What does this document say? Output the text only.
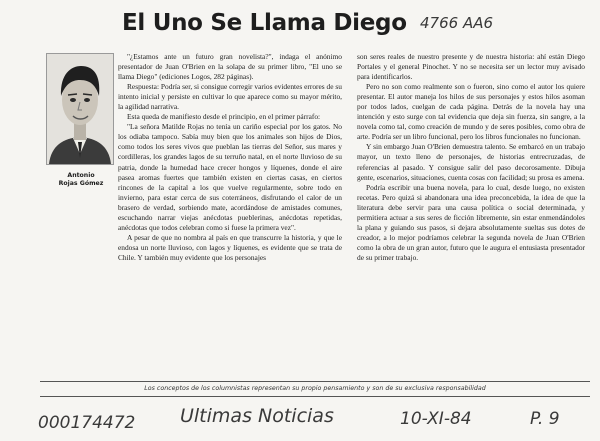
El Uno Se Llama Diego 4766 AA6
Antonio
Rojas Gómez

"¿Estamos ante un futuro gran novelista?", indaga el anónimo presentador de Juan O'Brien en la solapa de su primer libro, "El uno se llama Diego" (ediciones Logos, 282 páginas).

Respuesta: Podría ser, si consigue corregir varios evidentes errores de su intento inicial y persiste en cultivar lo que aparece como su mayor mérito, la agilidad narrativa.

Esta queda de manifiesto desde el principio, en el primer párrafo:

"La señora Matilde Rojas no tenía un cariño especial por los gatos. No los odiaba tampoco. Sabía muy bien que los animales son hijos de Dios, como todos los seres vivos que pueblan las tierras del Señor, sus mares y cordilleras, los grandes lagos de su terruño natal, en el norte lluvioso de su patria, donde la humedad hace crecer hongos y líquenes, donde el aire pasea aromas fuertes que también existen en ciertas casas, en ciertos rincones de la capital a los que vuelve regularmente, sobre todo en invierno, para estar cerca de sus coterráneos, disfrutando el calor de un brasero de verdad, sorbiendo mate, acordándose de amistades comunes, escuchando narrar viejas anécdotas pueblerinas, anécdotas repetidas, anécdotas que todos celebran como si fuese la primera vez".

A pesar de que no nombra al país en que transcurre la historia, y que le endosa un norte lluvioso, con lagos y líquenes, es evidente que se trata de Chile. Y también muy evidente que los personajes

son seres reales de nuestro presente y de nuestra historia: ahí están Diego Portales y el general Pinochet. Y no se necesita ser un lector muy avisado para identificarlos.

Pero no son como realmente son o fueron, sino como el autor los quiere presentar. El autor maneja los hilos de sus personajes y estos hilos asoman por todos lados, cuelgan de cada página. Detrás de la novela hay una intención y esto surge con tal evidencia que deja sin fuerza, sin sangre, a la novela como tal, como creación de mundo y de seres posibles, como obra de arte. Podría ser un libro funcional, pero los libros funcionales no funcionan.

Y sin embargo Juan O'Brien demuestra talento. Se embarcó en un trabajo mayor, un texto lleno de personajes, de historias entrecruzadas, de referencias al pasado. Y consigue salir del paso decorosamente. Dibuja gente, escenarios, situaciones, cuenta cosas con facilidad; su prosa es amena.

Podría escribir una buena novela, para lo cual, desde luego, no existen recetas. Pero quizá si abandonara una idea preconcebida, la idea de que la literatura debe servir para una causa política o social determinada, y permitiera actuar a sus seres de ficción libremente, sin estar enmendándoles la plana y guiando sus pasos, si dejara absolutamente sueltas sus dotes de creador, a lo mejor podríamos celebrar la segunda novela de Juan O'Brien como la obra de un gran autor, futuro que le augura el entusiasta presentador de su primer trabajo.

Los conceptos de los columnistas representan su propio pensamiento y son de su exclusiva responsabilidad

000174472 Ultimas Noticias	10-XI-84	P. 9
